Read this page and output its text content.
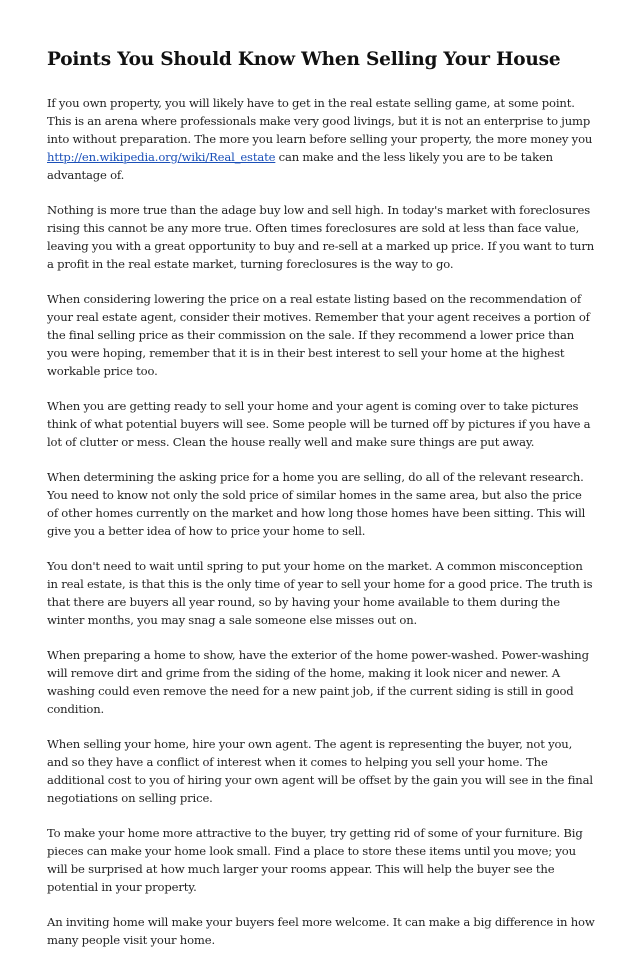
Points You Should Know When Selling Your House

If you own property, you will likely have to get in the real estate selling game, at some point. This is an arena where professionals make very good livings, but it is not an enterprise to jump into without preparation. The more you learn before selling your property, the more money you http://en.wikipedia.org/wiki/Real_estate can make and the less likely you are to be taken advantage of.

Nothing is more true than the adage buy low and sell high. In today's market with foreclosures rising this cannot be any more true. Often times foreclosures are sold at less than face value, leaving you with a great opportunity to buy and re-sell at a marked up price. If you want to turn a profit in the real estate market, turning foreclosures is the way to go.

When considering lowering the price on a real estate listing based on the recommendation of your real estate agent, consider their motives. Remember that your agent receives a portion of the final selling price as their commission on the sale. If they recommend a lower price than you were hoping, remember that it is in their best interest to sell your home at the highest workable price too.

When you are getting ready to sell your home and your agent is coming over to take pictures think of what potential buyers will see. Some people will be turned off by pictures if you have a lot of clutter or mess. Clean the house really well and make sure things are put away.

When determining the asking price for a home you are selling, do all of the relevant research. You need to know not only the sold price of similar homes in the same area, but also the price of other homes currently on the market and how long those homes have been sitting. This will give you a better idea of how to price your home to sell.

You don't need to wait until spring to put your home on the market. A common misconception in real estate, is that this is the only time of year to sell your home for a good price. The truth is that there are buyers all year round, so by having your home available to them during the winter months, you may snag a sale someone else misses out on.

When preparing a home to show, have the exterior of the home power-washed. Power-washing will remove dirt and grime from the siding of the home, making it look nicer and newer. A washing could even remove the need for a new paint job, if the current siding is still in good condition.

When selling your home, hire your own agent. The agent is representing the buyer, not you, and so they have a conflict of interest when it comes to helping you sell your home. The additional cost to you of hiring your own agent will be offset by the gain you will see in the final negotiations on selling price.

To make your home more attractive to the buyer, try getting rid of some of your furniture. Big pieces can make your home look small. Find a place to store these items until you move; you will be surprised at how much larger your rooms appear. This will help the buyer see the potential in your property.

An inviting home will make your buyers feel more welcome. It can make a big difference in how many people visit your home.
